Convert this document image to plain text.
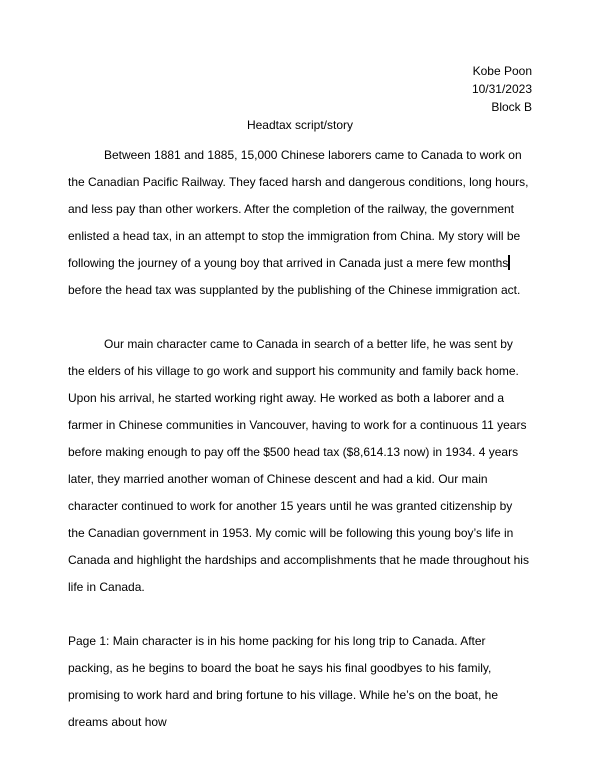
Kobe Poon
10/31/2023
Block B
Headtax script/story

Between 1881 and 1885, 15,000 Chinese laborers came to Canada to work on the Canadian Pacific Railway. They faced harsh and dangerous conditions, long hours, and less pay than other workers. After the completion of the railway, the government enlisted a head tax, in an attempt to stop the immigration from China. My story will be following the journey of a young boy that arrived in Canada just a mere few months before the head tax was supplanted by the publishing of the Chinese immigration act.

Our main character came to Canada in search of a better life, he was sent by the elders of his village to go work and support his community and family back home. Upon his arrival, he started working right away. He worked as both a laborer and a farmer in Chinese communities in Vancouver, having to work for a continuous 11 years before making enough to pay off the $500 head tax ($8,614.13 now) in 1934. 4 years later, they married another woman of Chinese descent and had a kid. Our main character continued to work for another 15 years until he was granted citizenship by the Canadian government in 1953. My comic will be following this young boy’s life in Canada and highlight the hardships and accomplishments that he made throughout his life in Canada.

Page 1: Main character is in his home packing for his long trip to Canada. After packing, as he begins to board the boat he says his final goodbyes to his family, promising to work hard and bring fortune to his village. While he’s on the boat, he dreams about how
